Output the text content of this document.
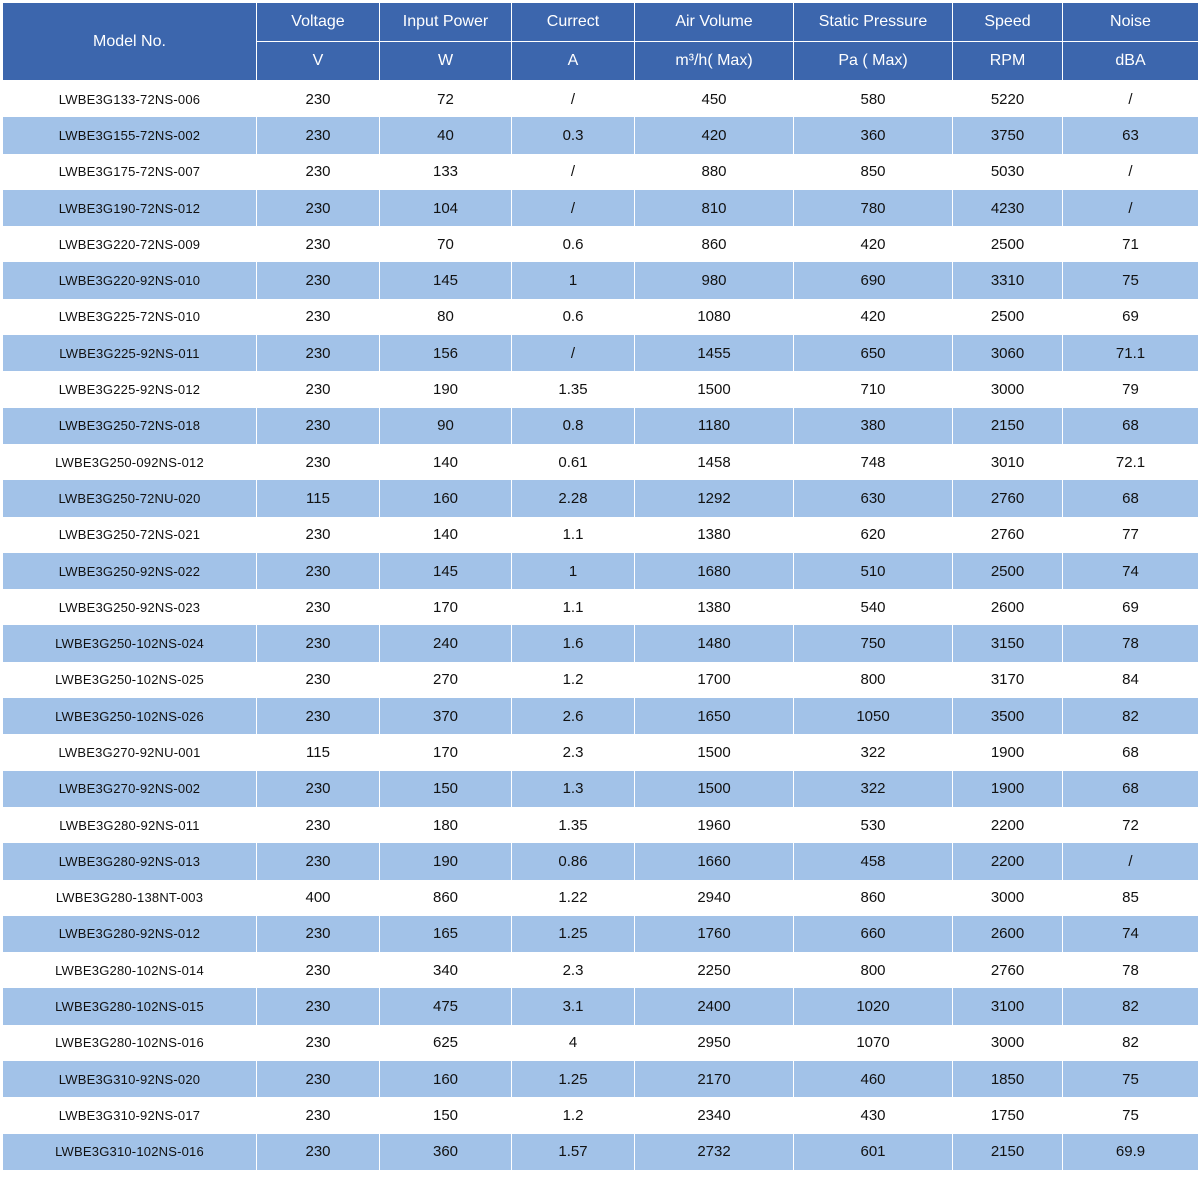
Model No.	Voltage	Input Power	Currect	Air Volume	Static Pressure	Speed	Noise
	V	W	A	m³/h( Max)	Pa ( Max)	RPM	dBA
LWBE3G133-72NS-006	230	72	/	450	580	5220	/
LWBE3G155-72NS-002	230	40	0.3	420	360	3750	63
LWBE3G175-72NS-007	230	133	/	880	850	5030	/
LWBE3G190-72NS-012	230	104	/	810	780	4230	/
LWBE3G220-72NS-009	230	70	0.6	860	420	2500	71
LWBE3G220-92NS-010	230	145	1	980	690	3310	75
LWBE3G225-72NS-010	230	80	0.6	1080	420	2500	69
LWBE3G225-92NS-011	230	156	/	1455	650	3060	71.1
LWBE3G225-92NS-012	230	190	1.35	1500	710	3000	79
LWBE3G250-72NS-018	230	90	0.8	1180	380	2150	68
LWBE3G250-092NS-012	230	140	0.61	1458	748	3010	72.1
LWBE3G250-72NU-020	115	160	2.28	1292	630	2760	68
LWBE3G250-72NS-021	230	140	1.1	1380	620	2760	77
LWBE3G250-92NS-022	230	145	1	1680	510	2500	74
LWBE3G250-92NS-023	230	170	1.1	1380	540	2600	69
LWBE3G250-102NS-024	230	240	1.6	1480	750	3150	78
LWBE3G250-102NS-025	230	270	1.2	1700	800	3170	84
LWBE3G250-102NS-026	230	370	2.6	1650	1050	3500	82
LWBE3G270-92NU-001	115	170	2.3	1500	322	1900	68
LWBE3G270-92NS-002	230	150	1.3	1500	322	1900	68
LWBE3G280-92NS-011	230	180	1.35	1960	530	2200	72
LWBE3G280-92NS-013	230	190	0.86	1660	458	2200	/
LWBE3G280-138NT-003	400	860	1.22	2940	860	3000	85
LWBE3G280-92NS-012	230	165	1.25	1760	660	2600	74
LWBE3G280-102NS-014	230	340	2.3	2250	800	2760	78
LWBE3G280-102NS-015	230	475	3.1	2400	1020	3100	82
LWBE3G280-102NS-016	230	625	4	2950	1070	3000	82
LWBE3G310-92NS-020	230	160	1.25	2170	460	1850	75
LWBE3G310-92NS-017	230	150	1.2	2340	430	1750	75
LWBE3G310-102NS-016	230	360	1.57	2732	601	2150	69.9
